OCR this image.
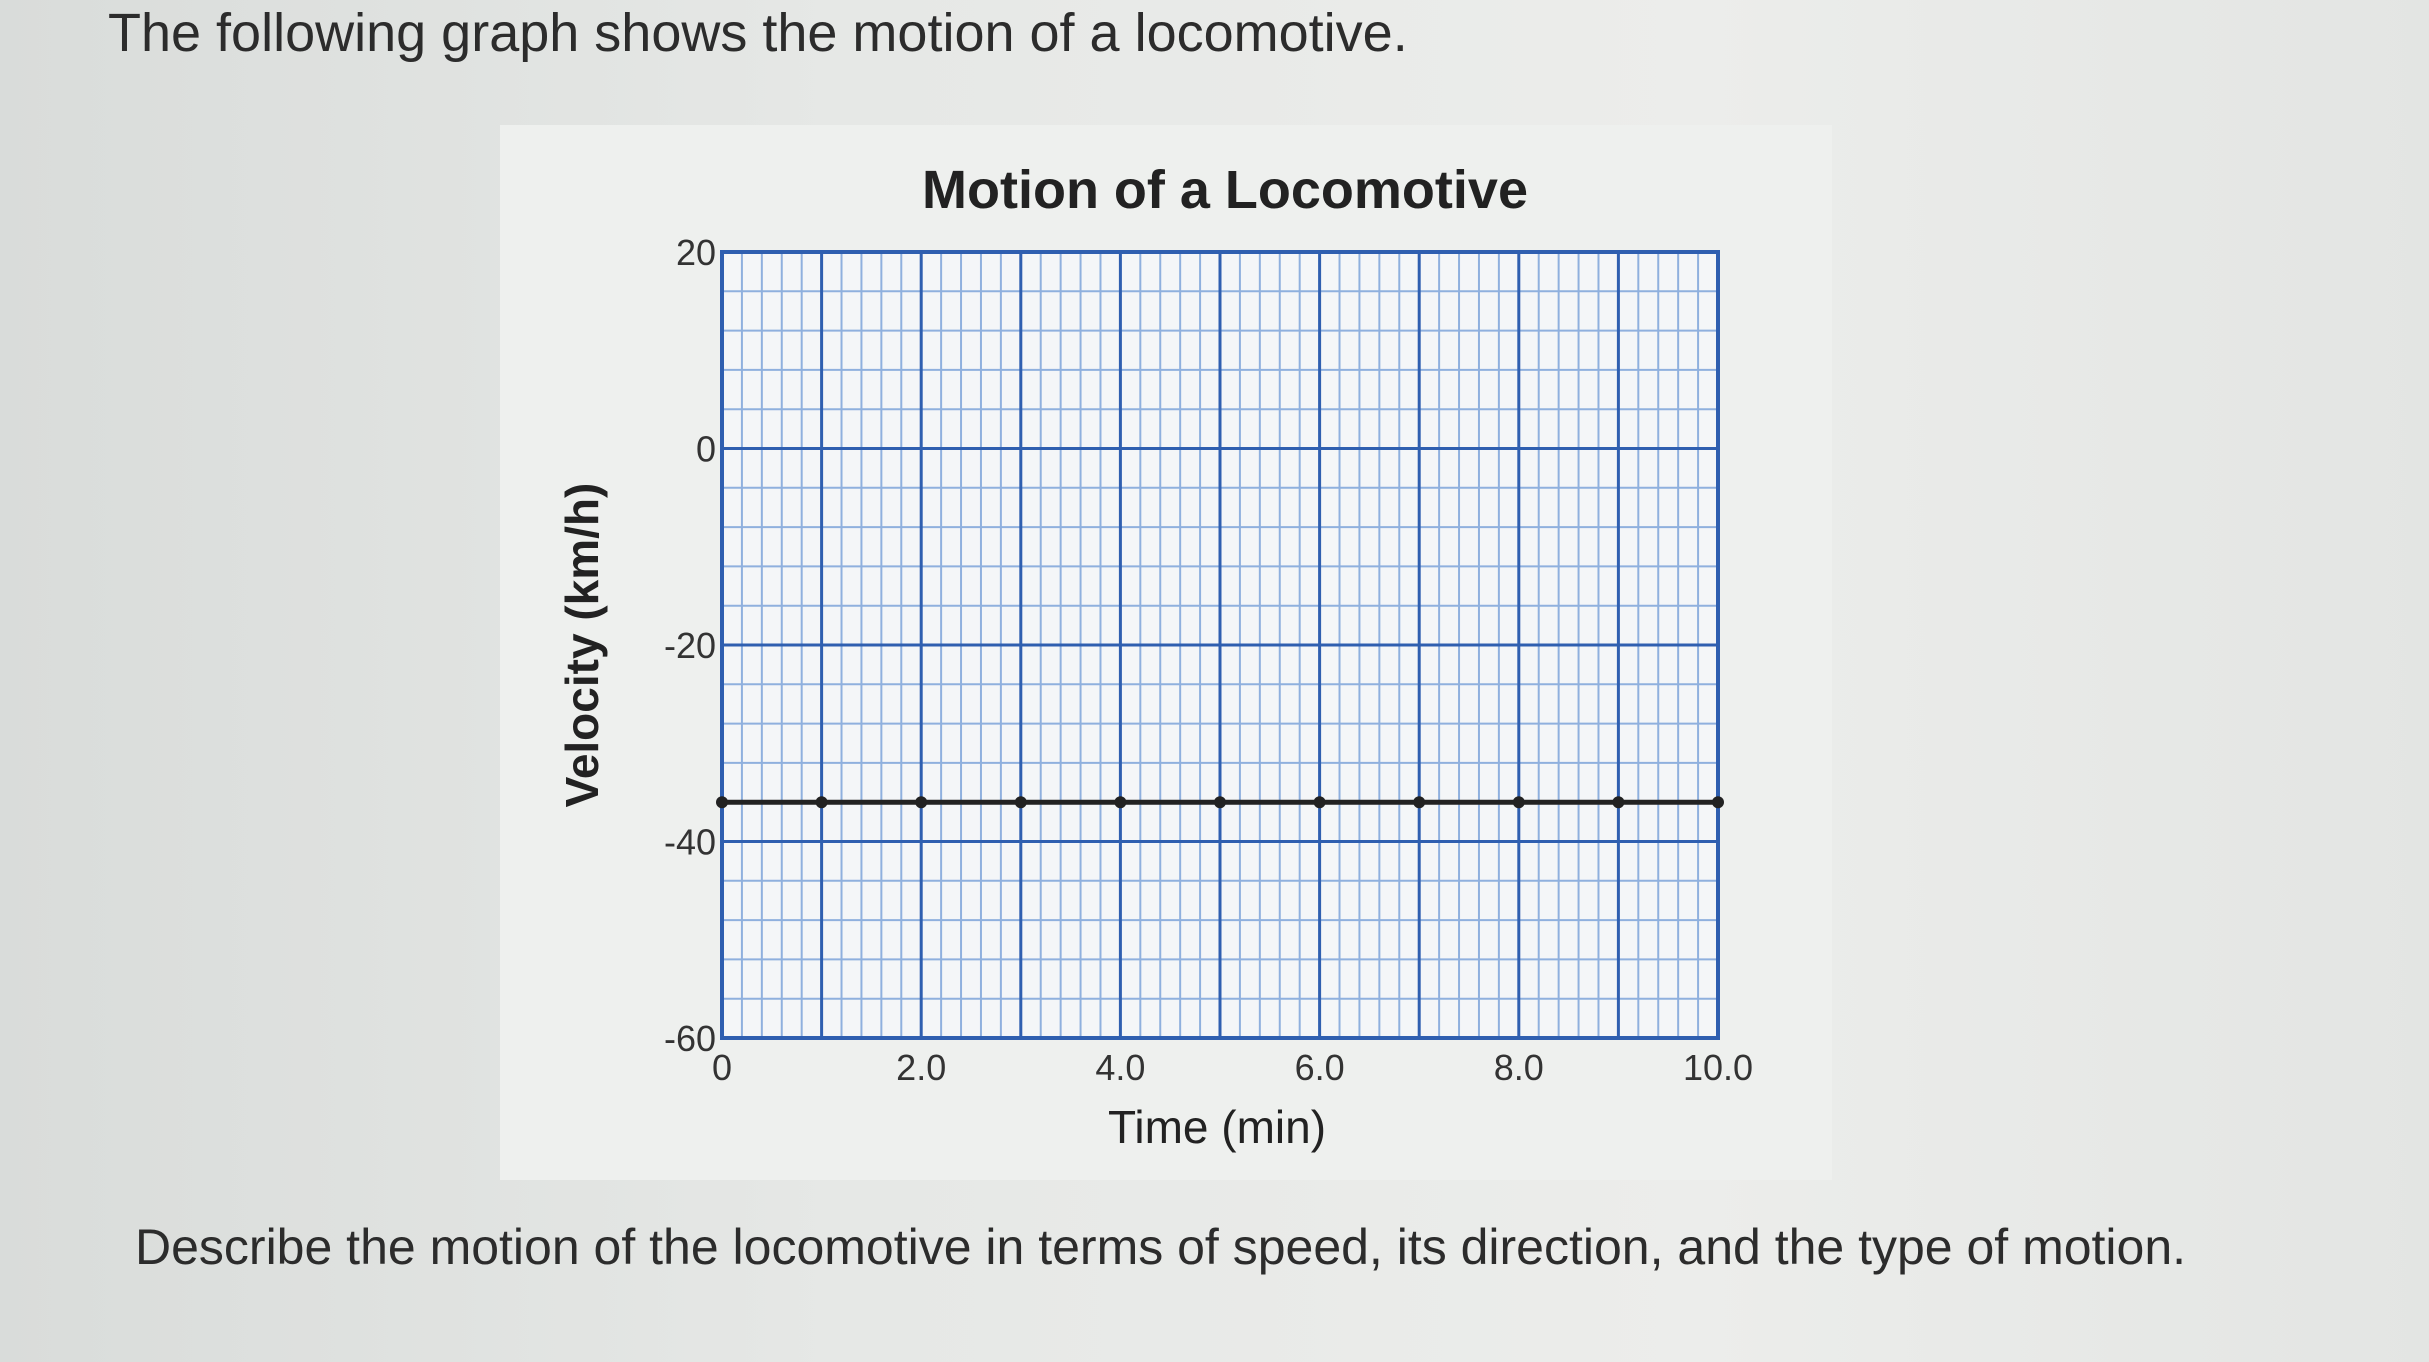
The following graph shows the motion of a locomotive.

Motion of a Locomotive
0	2.0	4.0	6.0	8.0	10.0
20
0
-20
-40
-60
Time (min)
Velocity (km/h)

Describe the motion of the locomotive in terms of speed, its direction, and the type of motion.
